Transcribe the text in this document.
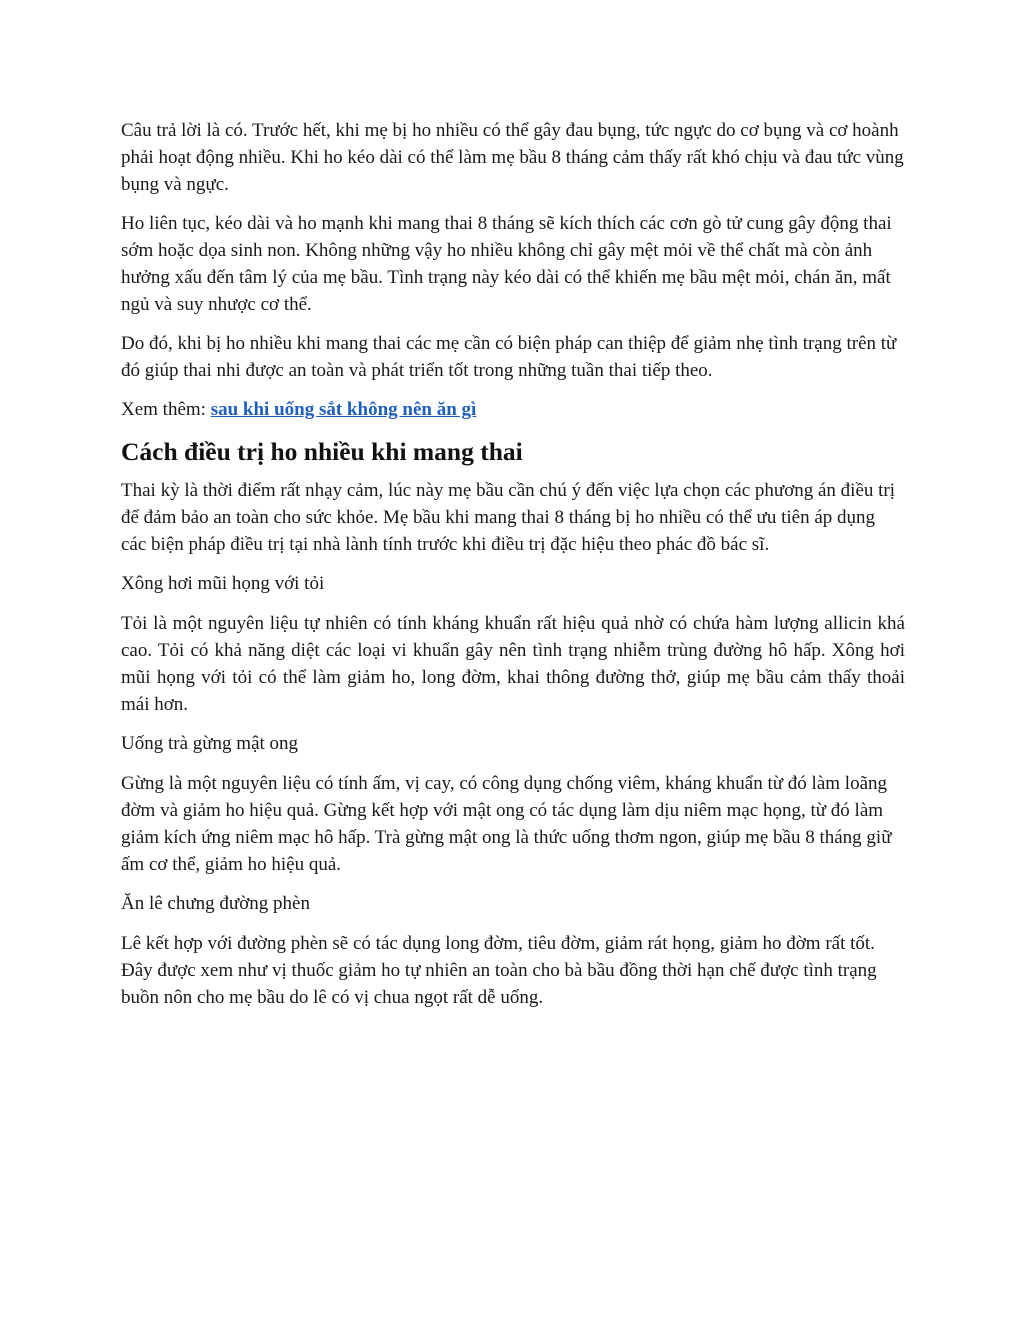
Câu trả lời là có. Trước hết, khi mẹ bị ho nhiều có thể gây đau bụng, tức ngực do cơ bụng và cơ hoành phải hoạt động nhiều. Khi ho kéo dài có thể làm mẹ bầu 8 tháng cảm thấy rất khó chịu và đau tức vùng bụng và ngực.

Ho liên tục, kéo dài và ho mạnh khi mang thai 8 tháng sẽ kích thích các cơn gò tử cung gây động thai sớm hoặc dọa sinh non. Không những vậy ho nhiều không chỉ gây mệt mỏi về thể chất mà còn ảnh hưởng xấu đến tâm lý của mẹ bầu. Tình trạng này kéo dài có thể khiến mẹ bầu mệt mỏi, chán ăn, mất ngủ và suy nhược cơ thể.

Do đó, khi bị ho nhiều khi mang thai các mẹ cần có biện pháp can thiệp để giảm nhẹ tình trạng trên từ đó giúp thai nhi được an toàn và phát triển tốt trong những tuần thai tiếp theo.

Xem thêm: sau khi uống sắt không nên ăn gì

Cách điều trị ho nhiều khi mang thai

Thai kỳ là thời điểm rất nhạy cảm, lúc này mẹ bầu cần chú ý đến việc lựa chọn các phương án điều trị để đảm bảo an toàn cho sức khỏe. Mẹ bầu khi mang thai 8 tháng bị ho nhiều có thể ưu tiên áp dụng các biện pháp điều trị tại nhà lành tính trước khi điều trị đặc hiệu theo phác đồ bác sĩ.

Xông hơi mũi họng với tỏi

Tỏi là một nguyên liệu tự nhiên có tính kháng khuẩn rất hiệu quả nhờ có chứa hàm lượng allicin khá cao. Tỏi có khả năng diệt các loại vi khuẩn gây nên tình trạng nhiễm trùng đường hô hấp. Xông hơi mũi họng với tỏi có thể làm giảm ho, long đờm, khai thông đường thở, giúp mẹ bầu cảm thấy thoải mái hơn.

Uống trà gừng mật ong

Gừng là một nguyên liệu có tính ấm, vị cay, có công dụng chống viêm, kháng khuẩn từ đó làm loãng đờm và giảm ho hiệu quả. Gừng kết hợp với mật ong có tác dụng làm dịu niêm mạc họng, từ đó làm giảm kích ứng niêm mạc hô hấp. Trà gừng mật ong là thức uống thơm ngon, giúp mẹ bầu 8 tháng giữ ấm cơ thể, giảm ho hiệu quả.

Ăn lê chưng đường phèn

Lê kết hợp với đường phèn sẽ có tác dụng long đờm, tiêu đờm, giảm rát họng, giảm ho đờm rất tốt. Đây được xem như vị thuốc giảm ho tự nhiên an toàn cho bà bầu đồng thời hạn chế được tình trạng buồn nôn cho mẹ bầu do lê có vị chua ngọt rất dễ uống.
